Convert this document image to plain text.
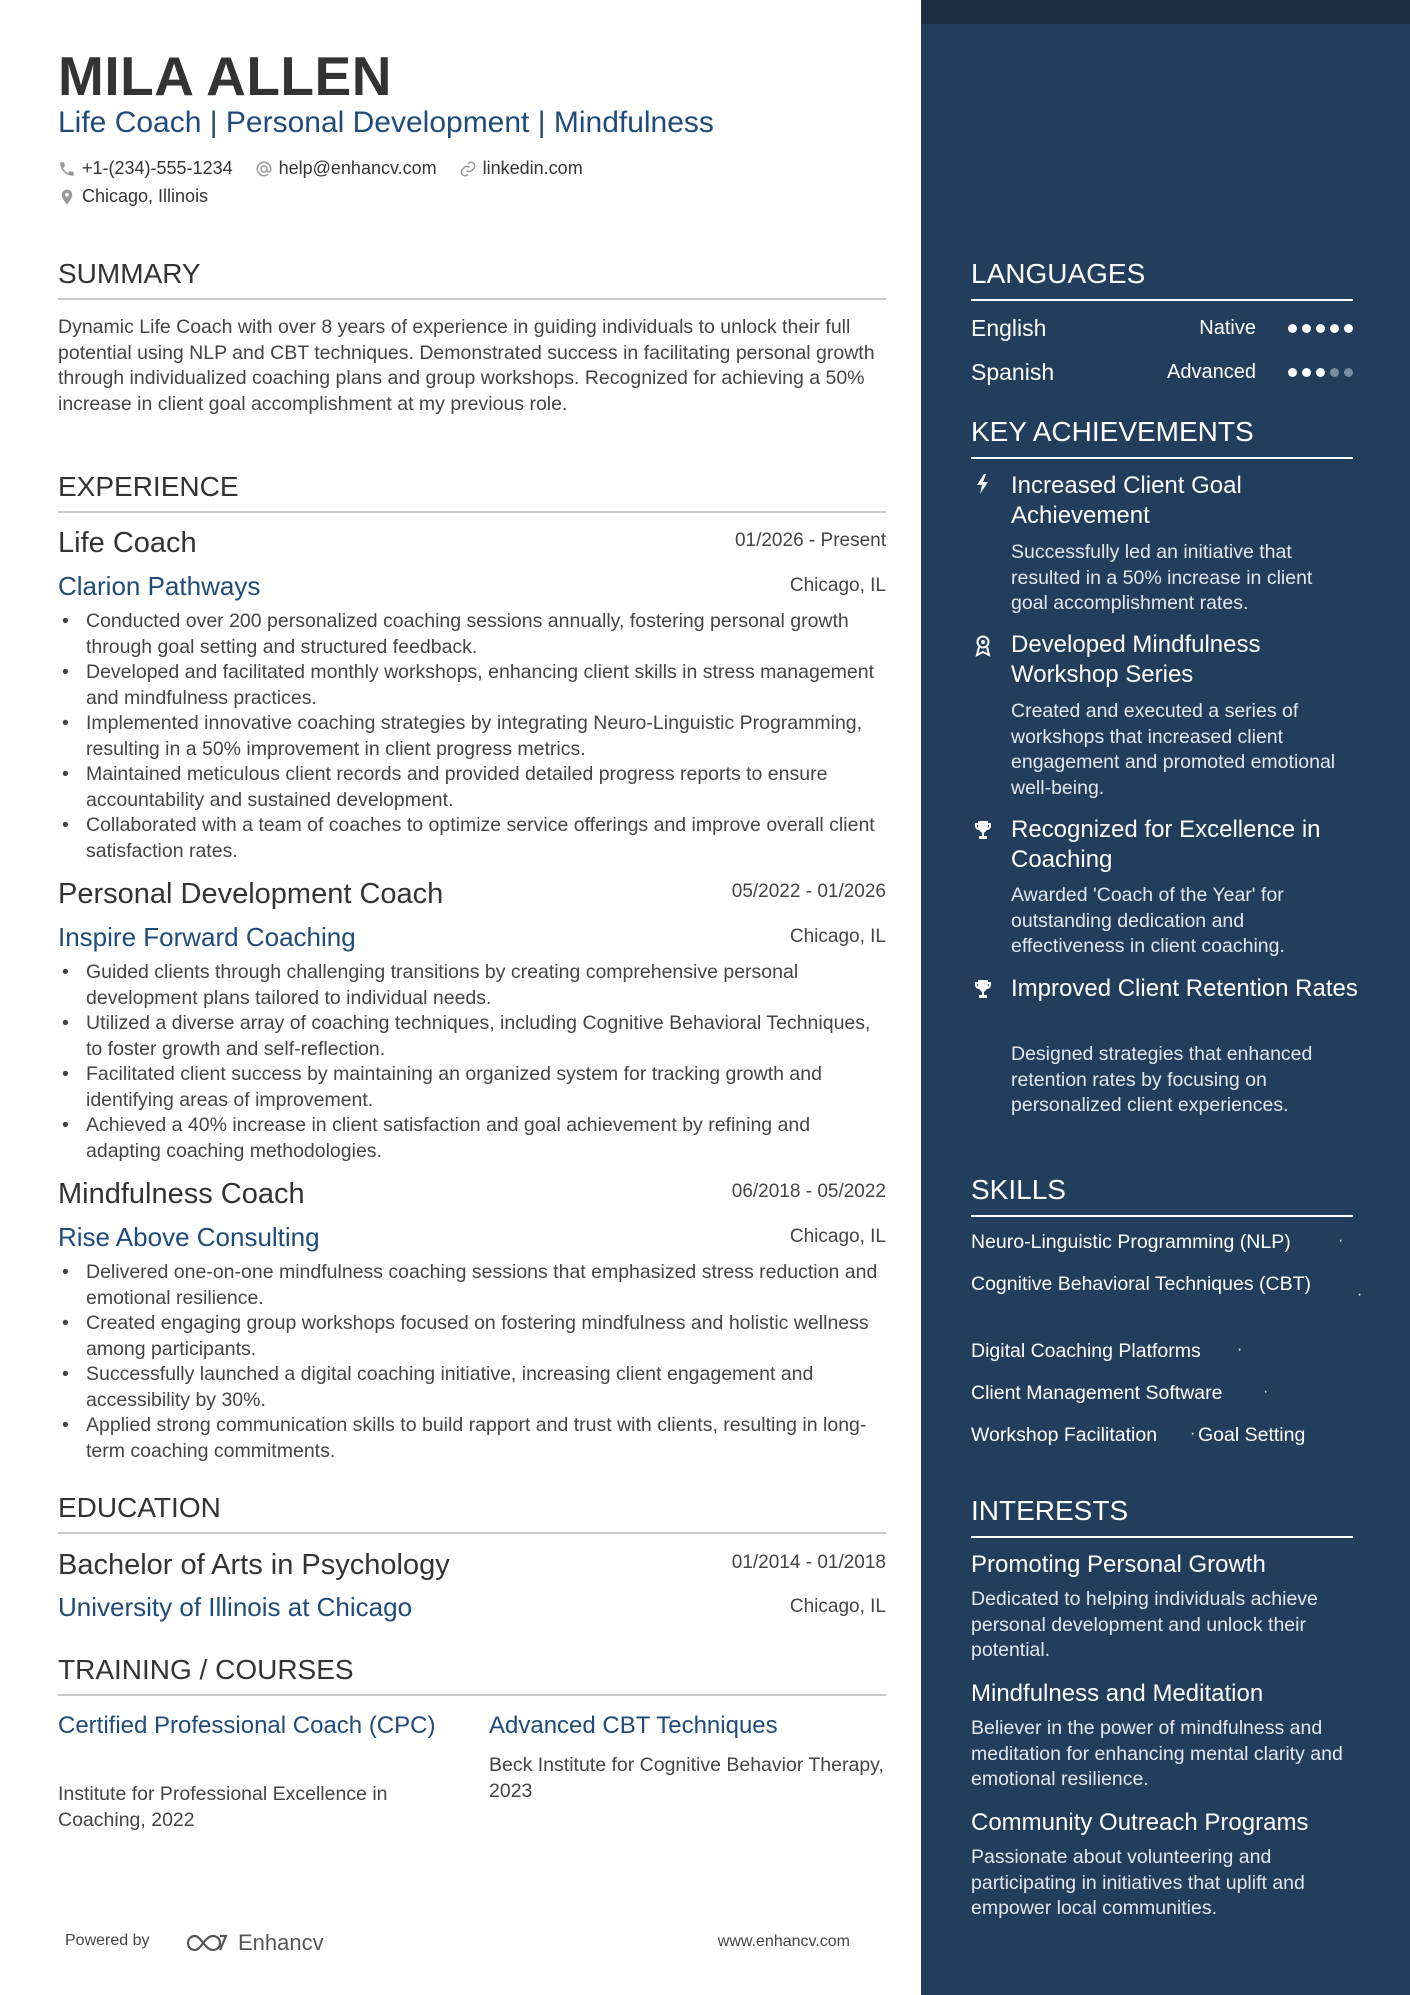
MILA ALLEN
Life Coach | Personal Development | Mindfulness
+1-(234)-555-1234	help@enhancv.com	linkedin.com
Chicago, Illinois
SUMMARY
Dynamic Life Coach with over 8 years of experience in guiding individuals to unlock their full potential using NLP and CBT techniques. Demonstrated success in facilitating personal growth through individualized coaching plans and group workshops. Recognized for achieving a 50% increase in client goal accomplishment at my previous role.
EXPERIENCE
Life Coach	01/2026 - Present
Clarion Pathways	Chicago, IL
• Conducted over 200 personalized coaching sessions annually, fostering personal growth through goal setting and structured feedback.
• Developed and facilitated monthly workshops, enhancing client skills in stress management and mindfulness practices.
• Implemented innovative coaching strategies by integrating Neuro-Linguistic Programming, resulting in a 50% improvement in client progress metrics.
• Maintained meticulous client records and provided detailed progress reports to ensure accountability and sustained development.
• Collaborated with a team of coaches to optimize service offerings and improve overall client satisfaction rates.
Personal Development Coach	05/2022 - 01/2026
Inspire Forward Coaching	Chicago, IL
• Guided clients through challenging transitions by creating comprehensive personal development plans tailored to individual needs.
• Utilized a diverse array of coaching techniques, including Cognitive Behavioral Techniques, to foster growth and self-reflection.
• Facilitated client success by maintaining an organized system for tracking growth and identifying areas of improvement.
• Achieved a 40% increase in client satisfaction and goal achievement by refining and adapting coaching methodologies.
Mindfulness Coach	06/2018 - 05/2022
Rise Above Consulting	Chicago, IL
• Delivered one-on-one mindfulness coaching sessions that emphasized stress reduction and emotional resilience.
• Created engaging group workshops focused on fostering mindfulness and holistic wellness among participants.
• Successfully launched a digital coaching initiative, increasing client engagement and accessibility by 30%.
• Applied strong communication skills to build rapport and trust with clients, resulting in long-term coaching commitments.
EDUCATION
Bachelor of Arts in Psychology	01/2014 - 01/2018
University of Illinois at Chicago	Chicago, IL
TRAINING / COURSES
Certified Professional Coach (CPC)
Institute for Professional Excellence in Coaching, 2022
Advanced CBT Techniques
Beck Institute for Cognitive Behavior Therapy, 2023
Powered by	Enhancv	www.enhancv.com
LANGUAGES
English	Native
Spanish	Advanced
KEY ACHIEVEMENTS
Increased Client Goal Achievement
Successfully led an initiative that resulted in a 50% increase in client goal accomplishment rates.
Developed Mindfulness Workshop Series
Created and executed a series of workshops that increased client engagement and promoted emotional well-being.
Recognized for Excellence in Coaching
Awarded 'Coach of the Year' for outstanding dedication and effectiveness in client coaching.
Improved Client Retention Rates
Designed strategies that enhanced retention rates by focusing on personalized client experiences.
SKILLS
Neuro-Linguistic Programming (NLP)	·
Cognitive Behavioral Techniques (CBT)	·
Digital Coaching Platforms ·
Client Management Software	·
Workshop Facilitation · Goal Setting
INTERESTS
Promoting Personal Growth
Dedicated to helping individuals achieve personal development and unlock their potential.
Mindfulness and Meditation
Believer in the power of mindfulness and meditation for enhancing mental clarity and emotional resilience.
Community Outreach Programs
Passionate about volunteering and participating in initiatives that uplift and empower local communities.
